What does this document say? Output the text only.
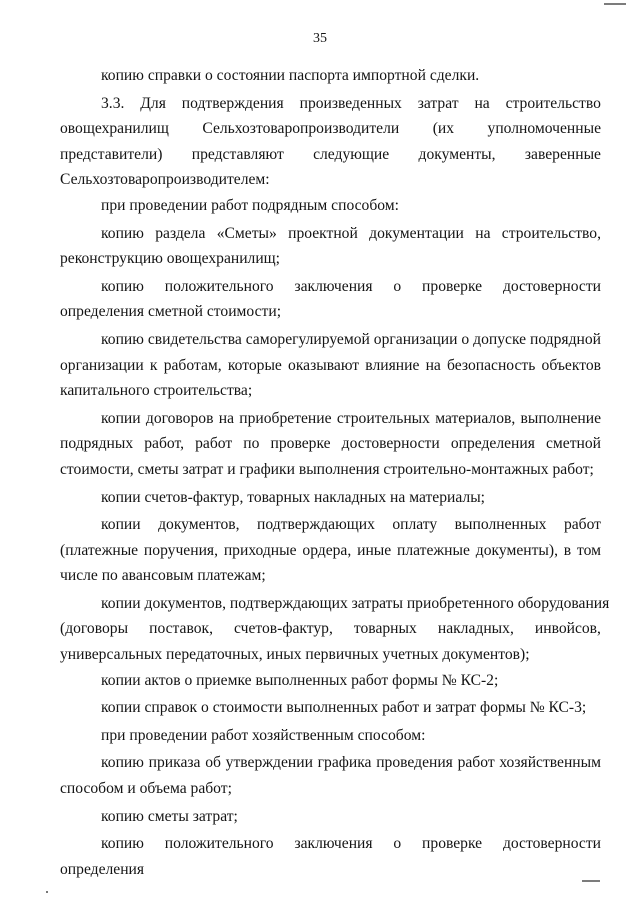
35
копию справки о состоянии паспорта импортной сделки.
3.3. Для подтверждения произведенных затрат на строительство
овощехранилищ Сельхозтоваропроизводители (их уполномоченные
представители) представляют следующие документы, заверенные
Сельхозтоваропроизводителем:
при проведении работ подрядным способом:
копию раздела «Сметы» проектной документации на строительство, реконструкцию овощехранилищ;
копию положительного заключения о проверке достоверности определения сметной стоимости;
копию свидетельства саморегулируемой организации о допуске подрядной организации к работам, которые оказывают влияние на безопасность объектов капитального строительства;
копии договоров на приобретение строительных материалов, выполнение подрядных работ, работ по проверке достоверности определения сметной стоимости, сметы затрат и графики выполнения строительно-монтажных работ;
копии счетов-фактур, товарных накладных на материалы;
копии документов, подтверждающих оплату выполненных работ (платежные поручения, приходные ордера, иные платежные документы), в том числе по авансовым платежам;
копии документов, подтверждающих затраты приобретенного оборудования
(договоры поставок, счетов-фактур, товарных накладных, инвойсов,
универсальных передаточных, иных первичных учетных документов);
копии актов о приемке выполненных работ формы № КС-2;
копии справок о стоимости выполненных работ и затрат формы № КС-3;
при проведении работ хозяйственным способом:
копию приказа об утверждении графика проведения работ хозяйственным способом и объема работ;
копию сметы затрат;
копию положительного заключения о проверке достоверности определения
